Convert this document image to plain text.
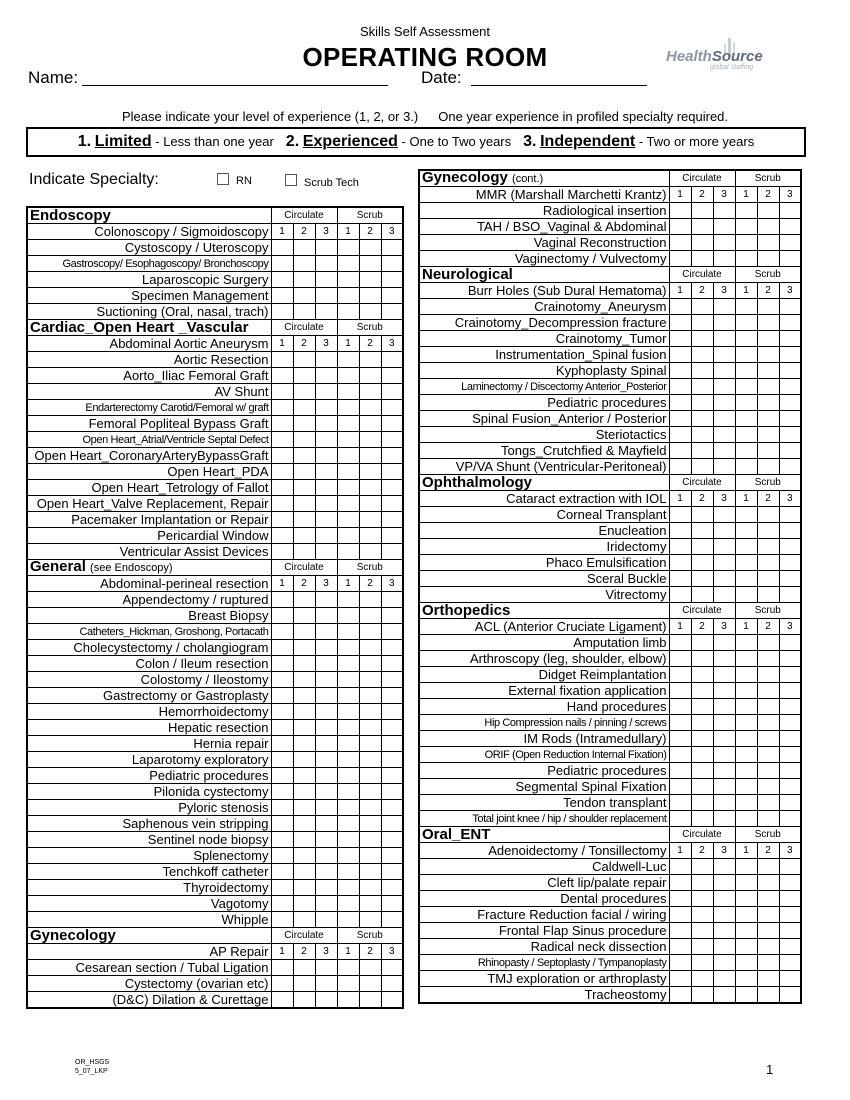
Skills Self Assessment
OPERATING ROOM	HealthSource
global staffing
Name:	Date:
Please indicate your level of experience (1, 2, or 3.) One year experience in profiled specialty required.
1. Limited - Less than one year 2. Experienced - One to Two years 3. Independent - Two or more years
Indicate Specialty:	RN	Scrub Tech
Endoscopy	Circulate			Scrub		
Colonoscopy / Sigmoidoscopy	1	2	3	1	2	3
Cystoscopy / Uteroscopy						
Gastroscopy/ Esophagoscopy/ Bronchoscopy						
Laparoscopic Surgery						
Specimen Management						
Suctioning (Oral, nasal, trach)						
Cardiac_Open Heart _Vascular	Circulate			Scrub		
Abdominal Aortic Aneurysm	1	2	3	1	2	3
Aortic Resection						
Aorto_Iliac Femoral Graft						
AV Shunt						
Endarterectomy Carotid/Femoral w/ graft						
Femoral Popliteal Bypass Graft						
Open Heart_Atrial/Ventricle Septal Defect						
Open Heart_CoronaryArteryBypassGraft						
Open Heart_PDA						
Open Heart_Tetrology of Fallot						
Open Heart_Valve Replacement, Repair						
Pacemaker Implantation or Repair						
Pericardial Window						
Ventricular Assist Devices						
General (see Endoscopy)	Circulate			Scrub		
Abdominal-perineal resection	1	2	3	1	2	3
Appendectomy / ruptured						
Breast Biopsy						
Catheters_Hickman, Groshong, Portacath						
Cholecystectomy / cholangiogram						
Colon / Ileum resection						
Colostomy / Ileostomy						
Gastrectomy or Gastroplasty						
Hemorrhoidectomy						
Hepatic resection						
Hernia repair						
Laparotomy exploratory						
Pediatric procedures						
Pilonida cystectomy						
Pyloric stenosis						
Saphenous vein stripping						
Sentinel node biopsy						
Splenectomy						
Tenchkoff catheter						
Thyroidectomy						
Vagotomy						
Whipple						
Gynecology	Circulate			Scrub		
AP Repair	1	2	3	1	2	3
Cesarean section / Tubal Ligation						
Cystectomy (ovarian etc)						
(D&C) Dilation & Curettage						
Gynecology (cont.)	Circulate			Scrub		
MMR (Marshall Marchetti Krantz)	1	2	3	1	2	3
Radiological insertion						
TAH / BSO_Vaginal & Abdominal						
Vaginal Reconstruction						
Vaginectomy / Vulvectomy						
Neurological	Circulate			Scrub		
Burr Holes (Sub Dural Hematoma)	1	2	3	1	2	3
Crainotomy_Aneurysm						
Crainotomy_Decompression fracture						
Crainotomy_Tumor						
Instrumentation_Spinal fusion						
Kyphoplasty Spinal						
Laminectomy / Discectomy Anterior_Posterior						
Pediatric procedures						
Spinal Fusion_Anterior / Posterior						
Steriotactics						
Tongs_Crutchfied & Mayfield						
VP/VA Shunt (Ventricular-Peritoneal)						
Ophthalmology	Circulate			Scrub		
Cataract extraction with IOL	1	2	3	1	2	3
Corneal Transplant						
Enucleation						
Iridectomy						
Phaco Emulsification						
Sceral Buckle						
Vitrectomy						
Orthopedics	Circulate			Scrub		
ACL (Anterior Cruciate Ligament)	1	2	3	1	2	3
Amputation limb						
Arthroscopy (leg, shoulder, elbow)						
Didget Reimplantation						
External fixation application						
Hand procedures						
Hip Compression nails / pinning / screws						
IM Rods (Intramedullary)						
ORIF (Open Reduction Internal Fixation)						
Pediatric procedures						
Segmental Spinal Fixation						
Tendon transplant						
Total joint knee / hip / shoulder replacement						
Oral_ENT	Circulate			Scrub		
Adenoidectomy / Tonsillectomy	1	2	3	1	2	3
Caldwell-Luc						
Cleft lip/palate repair						
Dental procedures						
Fracture Reduction facial / wiring						
Frontal Flap Sinus procedure						
Radical neck dissection						
Rhinopasty / Septoplasty / Tympanoplasty						
TMJ exploration or arthroplasty						
Tracheostomy						
OR_HSGS
5_07_LKP	1
